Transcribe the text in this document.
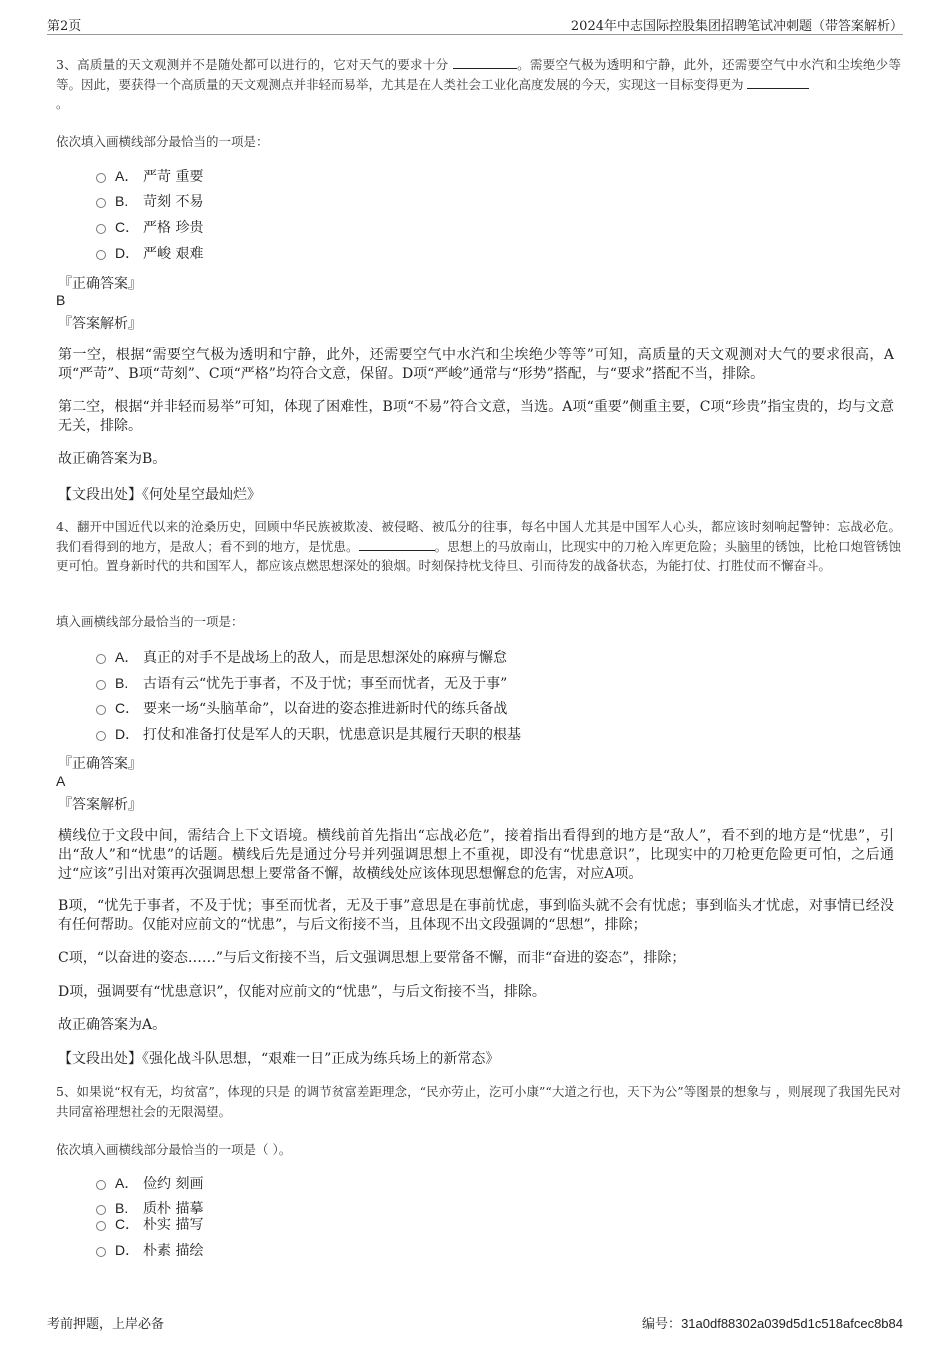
第2页	2024年中志国际控股集团招聘笔试冲刺题（带答案解析）

3、高质量的天文观测并不是随处都可以进行的，它对天气的要求十分	。需要空气极为透明和宁静，此外，还需要空气中水汽和尘埃绝少等等。因此，要获得一个高质量的天文观测点并非轻而易举，尤其是在人类社会工业化高度发展的今天，实现这一目标变得更为
。

依次填入画横线部分最恰当的一项是：

A． 严苛 重要
B. 苛刻 不易
C． 严格 珍贵
D． 严峻 艰难

『正确答案』

B

『答案解析』

第一空，根据“需要空气极为透明和宁静，此外，还需要空气中水汽和尘埃绝少等等”可知，高质量的天文观测对大气的要求很高，A项“严苛”、B项“苛刻”、C项“严格”均符合文意，保留。D项“严峻”通常与“形势”搭配，与“要求”搭配不当，排除。

第二空，根据“并非轻而易举”可知，体现了困难性，B项“不易”符合文意，当选。A项“重要”侧重主要，C项“珍贵”指宝贵的，均与文意无关，排除。

故正确答案为B。

【文段出处】《何处星空最灿烂》

4、翻开中国近代以来的沧桑历史，回顾中华民族被欺凌、被侵略、被瓜分的往事，每名中国人尤其是中国军人心头，都应该时刻响起警钟：忘战必危。我们看得到的地方，是敌人；看不到的地方，是忧患。	。思想上的马放南山，比现实中的刀枪入库更危险；头脑里的锈蚀，比枪口炮管锈蚀更可怕。置身新时代的共和国军人，都应该点燃思想深处的狼烟。时刻保持枕戈待旦、引而待发的战备状态，为能打仗、打胜仗而不懈奋斗。

填入画横线部分最恰当的一项是：

A． 真正的对手不是战场上的敌人，而是思想深处的麻痹与懈怠
B. 古语有云“忧先于事者，不及于忧；事至而忧者，无及于事”
C． 要来一场“头脑革命”，以奋进的姿态推进新时代的练兵备战
D． 打仗和准备打仗是军人的天职，忧患意识是其履行天职的根基

『正确答案』

A

『答案解析』

横线位于文段中间，需结合上下文语境。横线前首先指出“忘战必危”，接着指出看得到的地方是“敌人”，看不到的地方是“忧患”，引出“敌人”和“忧患”的话题。横线后先是通过分号并列强调思想上不重视，即没有“忧患意识”，比现实中的刀枪更危险更可怕，之后通过“应该”引出对策再次强调思想上要常备不懈，故横线处应该体现思想懈怠的危害，对应A项。

B项，“忧先于事者，不及于忧；事至而忧者，无及于事”意思是在事前忧虑，事到临头就不会有忧虑；事到临头才忧虑，对事情已经没有任何帮助。仅能对应前文的“忧患”，与后文衔接不当，且体现不出文段强调的“思想”，排除；

C项，“以奋进的姿态……”与后文衔接不当，后文强调思想上要常备不懈，而非“奋进的姿态”，排除；

D项，强调要有“忧患意识”，仅能对应前文的“忧患”，与后文衔接不当，排除。

故正确答案为A。

【文段出处】《强化战斗队思想，“艰难一日”正成为练兵场上的新常态》

5、如果说“权有无，均贫富”，体现的只是 的调节贫富差距理念，“民亦劳止，汔可小康”“大道之行也，天下为公”等图景的想象与 ，则展现了我国先民对共同富裕理想社会的无限渴望。

依次填入画横线部分最恰当的一项是（ ）。

A． 俭约 刻画
B. 质朴 描摹
C． 朴实 描写
D． 朴素 描绘
考前押题，上岸必备	编号：31a0df88302a039d5d1c518afcec8b84
